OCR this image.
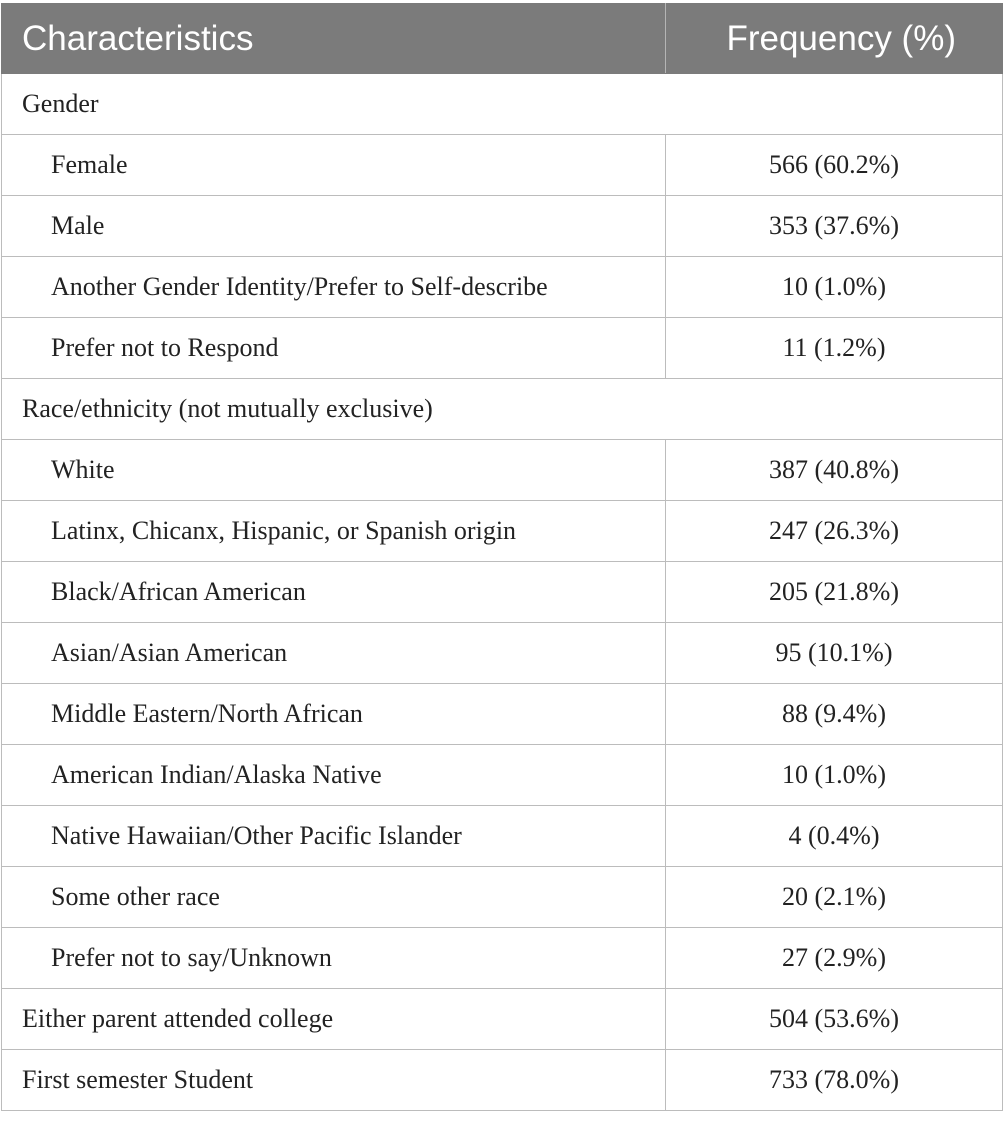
Characteristics	Frequency (%)
Gender	
Female	566 (60.2%)
Male	353 (37.6%)
Another Gender Identity/Prefer to Self-describe	10 (1.0%)
Prefer not to Respond	11 (1.2%)
Race/ethnicity (not mutually exclusive)	
White	387 (40.8%)
Latinx, Chicanx, Hispanic, or Spanish origin	247 (26.3%)
Black/African American	205 (21.8%)
Asian/Asian American	95 (10.1%)
Middle Eastern/North African	88 (9.4%)
American Indian/Alaska Native	10 (1.0%)
Native Hawaiian/Other Pacific Islander	4 (0.4%)
Some other race	20 (2.1%)
Prefer not to say/Unknown	27 (2.9%)
Either parent attended college	504 (53.6%)
First semester Student	733 (78.0%)
